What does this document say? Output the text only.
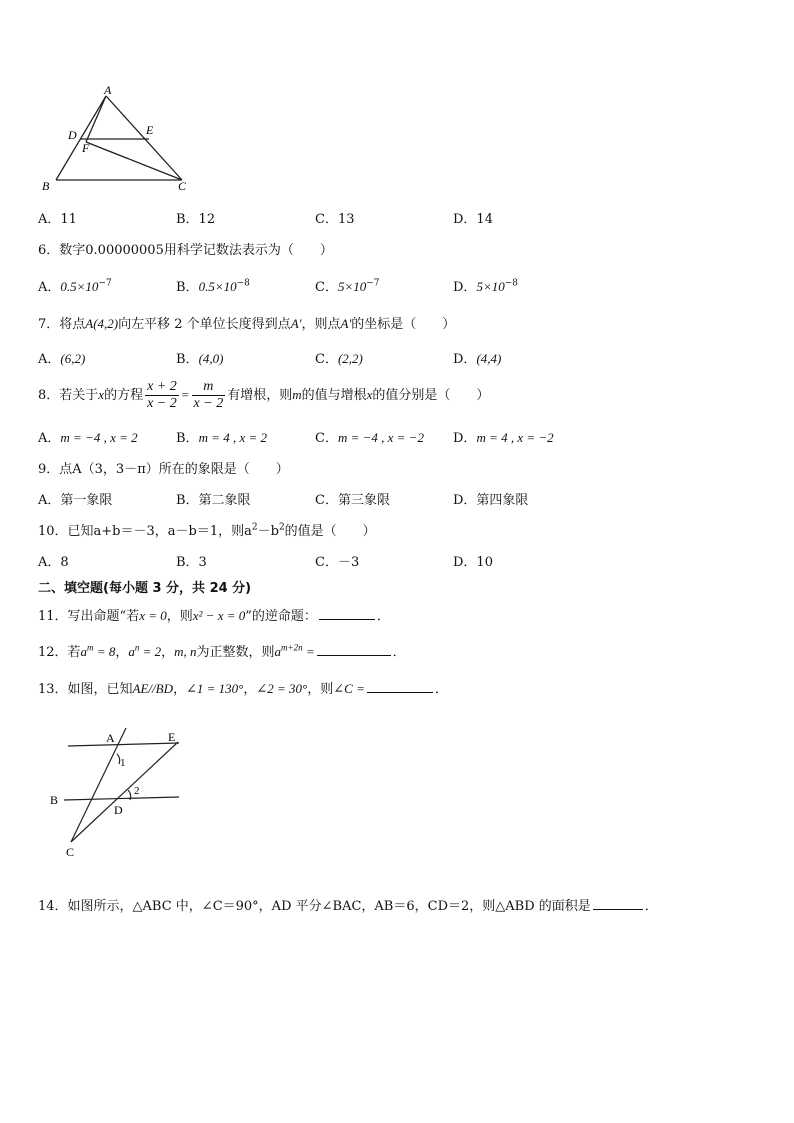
A
D	E
F
B	C
A．11	B．12	C．13	D．14
6．数字0.00000005用科学记数法表示为（　　）
A．$0.5\times 10^{-7}$	B．$0.5\times 10^{-8}$	C．$5\times 10^{-7}$	D．$5\times 10^{-8}$
7．将点A(4,2)向左平移 2 个单位长度得到点A′，则点A′的坐标是（　　）
A．(6,2)	B．(4,0)	C．(2,2)	D．(4,4)
8．若关于x的方程 $\frac{x + 2}{x - 2} = \frac{m}{x - 2}$ 有增根，则m的值与增根x的值分别是（　　）
A．m = −4 , x = 2	B．m = 4 , x = 2	C．m = −4 , x = −2 D．m = 4 , x = −2
9．点A（3，3－π）所在的象限是（　　）
A．第一象限	B．第二象限	C．第三象限	D．第四象限
10．已知a+b＝－3，a－b＝1，则$a^2-b^2$的值是（　　）
A．8	B．3	C．－3	D．10
二、填空题(每小题 3 分，共 24 分)
11．写出命题“若x = 0，则x² − x = 0”的逆命题：	．
12．若$a^m = 8$，$a^n = 2$，m, n为正整数，则$a^{m+2n}$ =	．
13．如图，已知AE//BD，∠1 = 130°，∠2 = 30°，则∠C =	．
A	E
1
B
2
D
C
14．如图所示，△ABC 中，∠C＝90°，AD 平分∠BAC，AB＝6，CD＝2，则△ABD 的面积是	．
